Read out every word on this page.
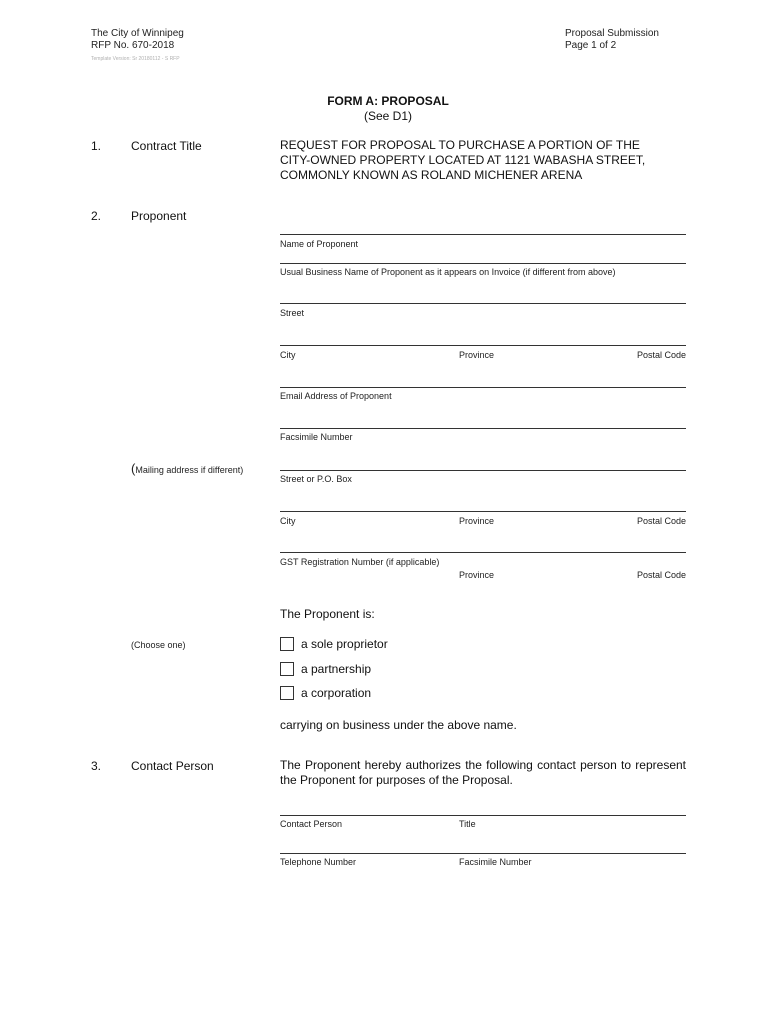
The City of Winnipeg
RFP No. 670-2018
Template Version: Sr 20180112 - S RFP
Proposal Submission
Page 1 of 2
FORM A: PROPOSAL
(See D1)
1. Contract Title	REQUEST FOR PROPOSAL TO PURCHASE A PORTION OF THE
CITY-OWNED PROPERTY LOCATED AT 1121 WABASHA STREET,
COMMONLY KNOWN AS ROLAND MICHENER ARENA
2. Proponent
Name of Proponent
Usual Business Name of Proponent as it appears on Invoice (if different from above)
Street
City	Province	Postal Code
Email Address of Proponent
Facsimile Number
(Mailing address if different)
Street or P.O. Box
City	Province	Postal Code
GST Registration Number (if applicable)
Province	Postal Code
The Proponent is:
(Choose one)	a sole proprietor
a partnership
a corporation
carrying on business under the above name.
3. Contact Person	The Proponent hereby authorizes the following contact person to represent the Proponent for purposes of the Proposal.
Contact Person	Title
Telephone Number	Facsimile Number
